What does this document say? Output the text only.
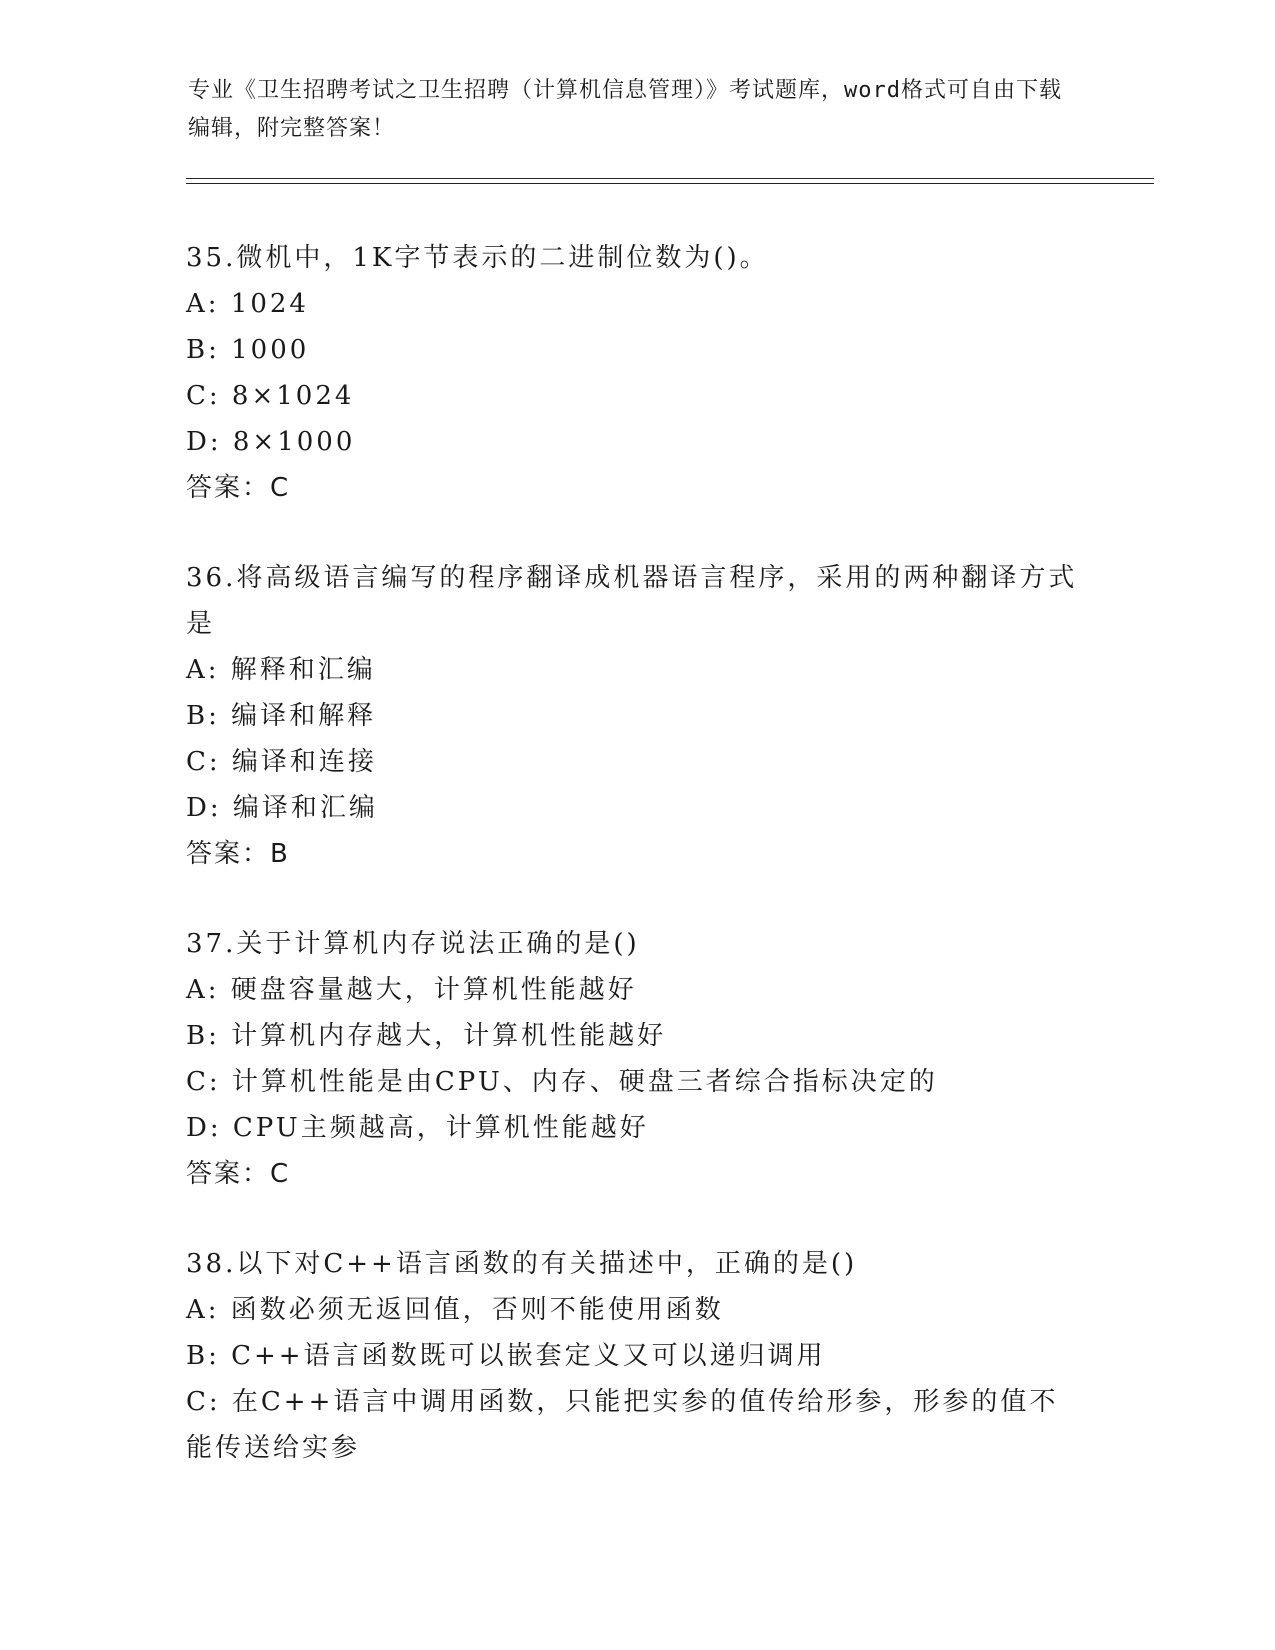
专业《卫生招聘考试之卫生招聘（计算机信息管理）》考试题库，word格式可自由下载编辑，附完整答案！
35.微机中，1K字节表示的二进制位数为()。
A: 1024
B: 1000
C: 8×1024
D: 8×1000
答案：C
36.将高级语言编写的程序翻译成机器语言程序，采用的两种翻译方式是
A: 解释和汇编
B: 编译和解释
C: 编译和连接
D: 编译和汇编
答案：B
37.关于计算机内存说法正确的是()
A: 硬盘容量越大，计算机性能越好
B: 计算机内存越大，计算机性能越好
C: 计算机性能是由CPU、内存、硬盘三者综合指标决定的
D: CPU主频越高，计算机性能越好
答案：C
38.以下对C++语言函数的有关描述中，正确的是()
A: 函数必须无返回值，否则不能使用函数
B: C++语言函数既可以嵌套定义又可以递归调用
C: 在C++语言中调用函数，只能把实参的值传给形参，形参的值不能传送给实参
